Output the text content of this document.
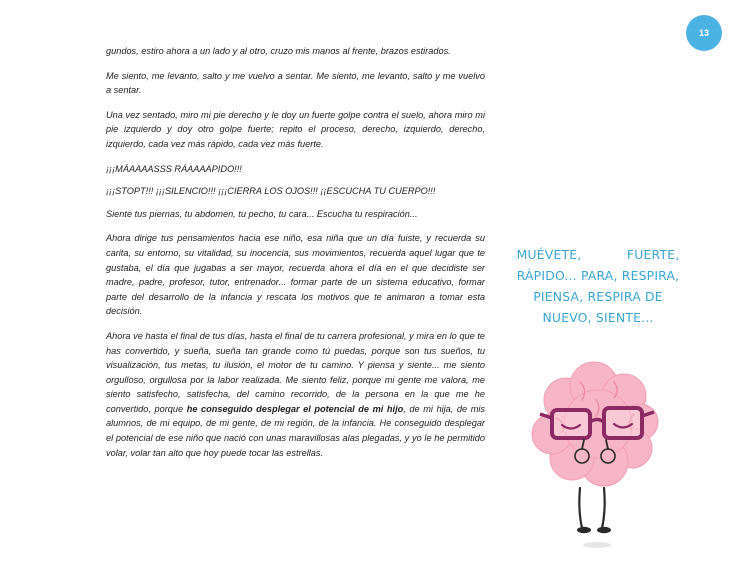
13

gundos, estiro ahora a un lado y al otro, cruzo mis manos al frente, brazos estirados.

Me siento, me levanto, salto y me vuelvo a sentar. Me siento, me levanto, salto y me vuelvo a sentar.

Una vez sentado, miro mi pie derecho y le doy un fuerte golpe contra el suelo, ahora miro mi pie izquierdo y doy otro golpe fuerte; repito el proceso, derecho, izquierdo, derecho, izquierdo, cada vez más rápido, cada vez más fuerte.

¡¡¡MÁAAAASSS RÁAAAAPIDO!!!

¡¡¡STOPT!!! ¡¡¡SILENCIO!!! ¡¡¡CIERRA LOS OJOS!!! ¡¡ESCUCHA TU CUERPO!!!

Siente tus piernas, tu abdomen, tu pecho, tu cara... Escucha tu respiración...

Ahora dirige tus pensamientos hacia ese niño, esa niña que un día fuiste, y recuerda su carita, su entorno, su vitalidad, su inocencia, sus movimientos, recuerda aquel lugar que te gustaba, el día que jugabas a ser mayor, recuerda ahora el día en el que decidiste ser madre, padre, profesor, tutor, entrenador... formar parte de un sistema educativo, formar parte del desarrollo de la infancia y rescata los motivos que te animaron a tomar esta decisión.

Ahora ve hasta el final de tus días, hasta el final de tu carrera profesional, y mira en lo que te has convertido, y sueña, sueña tan grande como tú puedas, porque son tus sueños, tu visualización, tus metas, tu ilusión, el motor de tu camino. Y piensa y siente... me siento orgulloso, orgullosa por la labor realizada. Me siento feliz, porque mi gente me valora, me siento satisfecho, satisfecha, del camino recorrido, de la persona en la que me he convertido, porque he conseguido desplegar el potencial de mi hijo, de mi hija, de mis alumnos, de mi equipo, de mi gente, de mi región, de la infancia. He conseguido desplegar el potencial de ese niño que nació con unas maravillosas alas plegadas, y yo le he permitido volar, volar tan alto que hoy puede tocar las estrellas.

MUÉVETE,           FUERTE,
RÁPIDO... PARA, RESPIRA,
PIENSA, RESPIRA DE
NUEVO, SIENTE...
